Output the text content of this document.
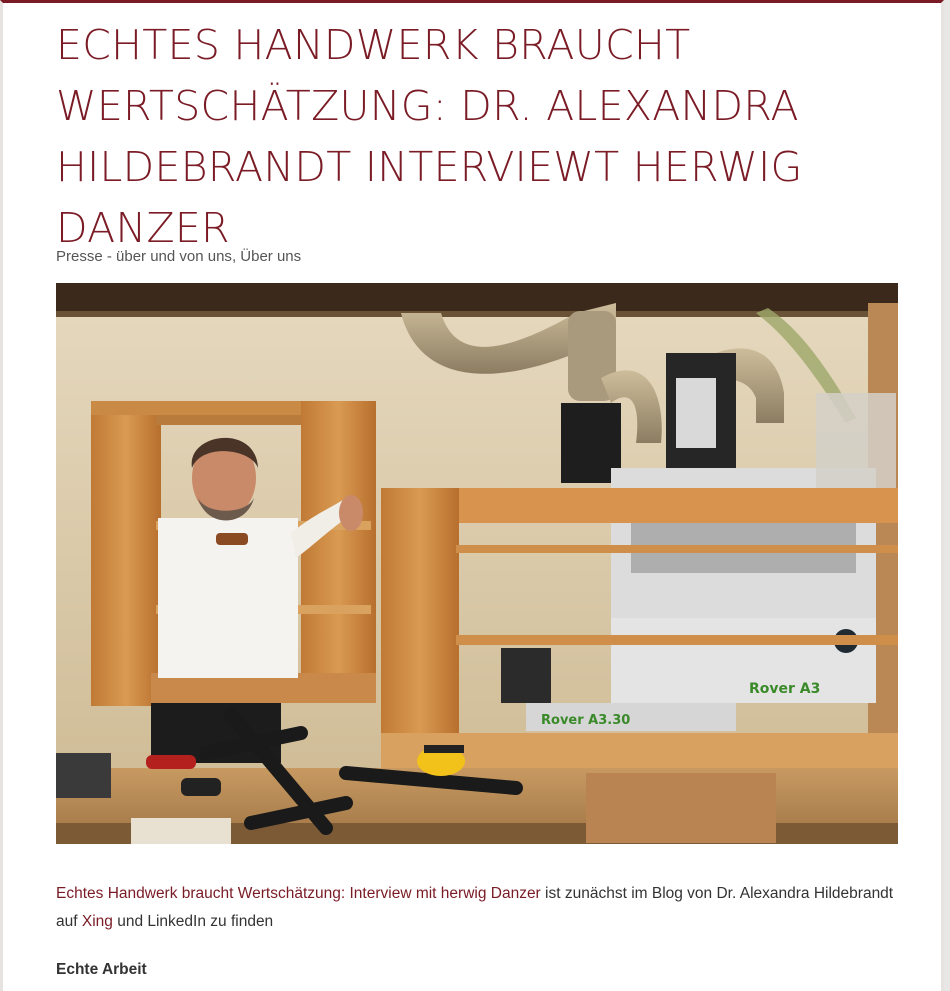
ECHTES HANDWERK BRAUCHT WERTSCHÄTZUNG: DR. ALEXANDRA HILDEBRANDT INTERVIEWT HERWIG DANZER
Presse - über und von uns, Über uns
Rover A3
Rover A3.30

Echtes Handwerk braucht Wertschätzung: Interview mit herwig Danzer ist zunächst im Blog von Dr. Alexandra Hildebrandt auf Xing und LinkedIn zu finden

Echte Arbeit
